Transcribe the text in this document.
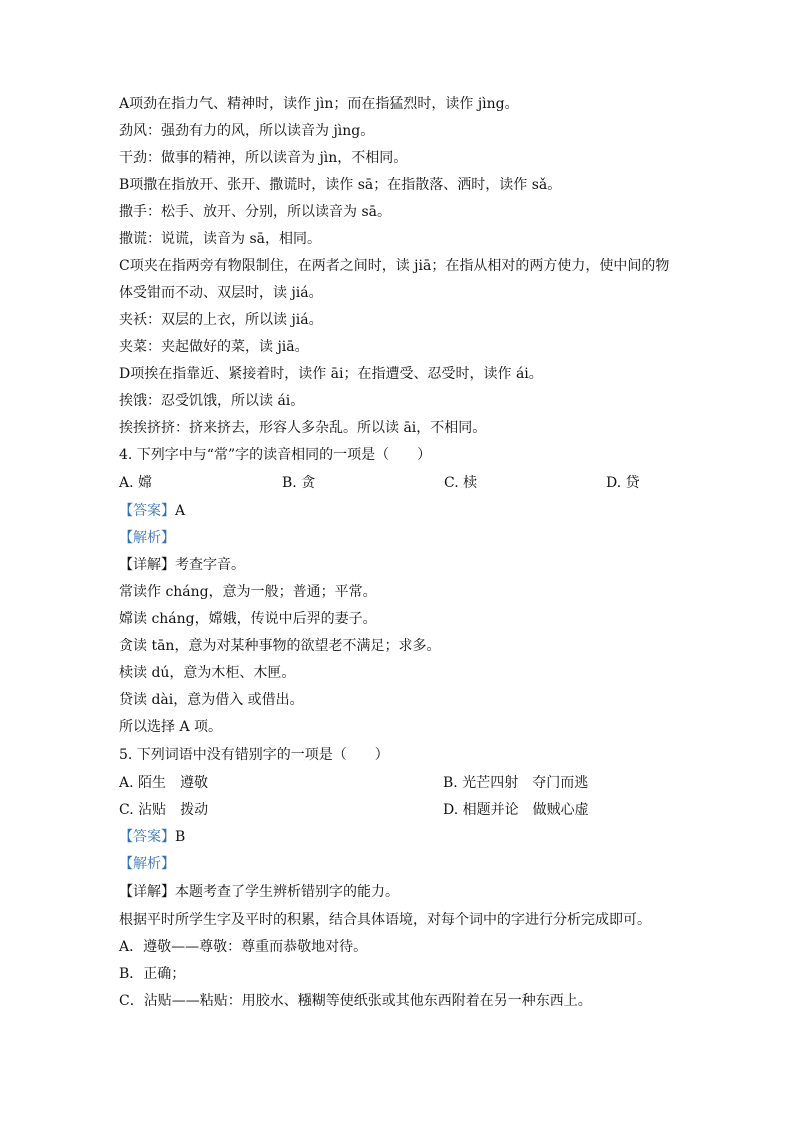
A项劲在指力气、精神时，读作 jìn；而在指猛烈时，读作 jìng。
劲风：强劲有力的风，所以读音为 jìng。
干劲：做事的精神，所以读音为 jìn，不相同。
B项撒在指放开、张开、撒谎时，读作 sā；在指散落、洒时，读作 sǎ。
撒手：松手、放开、分别，所以读音为 sā。
撒谎：说谎，读音为 sā，相同。
C项夹在指两旁有物限制住，在两者之间时，读 jiā；在指从相对的两方使力，使中间的物
体受钳而不动、双层时，读 jiá。
夹袄：双层的上衣，所以读 jiá。
夹菜：夹起做好的菜，读 jiā。
D项挨在指靠近、紧接着时，读作 āi；在指遭受、忍受时，读作 ái。
挨饿：忍受饥饿，所以读 ái。
挨挨挤挤：挤来挤去，形容人多杂乱。所以读 āi，不相同。
4. 下列字中与“常”字的读音相同的一项是（　　）
A. 嫦	B. 贪	C. 椟	D. 贷
【答案】A
【解析】
【详解】考查字音。
常读作 cháng，意为一般；普通；平常。
嫦读 cháng，嫦娥，传说中后羿的妻子。
贪读 tān，意为对某种事物的欲望老不满足；求多。
椟读 dú，意为木柜、木匣。
贷读 dài，意为借入 或借出。
所以选择 A 项。
5. 下列词语中没有错别字的一项是（　　）
A. 陌生　遵敬	B. 光芒四射　夺门而逃
C. 沾贴　拨动	D. 相题并论　做贼心虚
【答案】B
【解析】
【详解】本题考查了学生辨析错别字的能力。
根据平时所学生字及平时的积累，结合具体语境，对每个词中的字进行分析完成即可。
A．遵敬——尊敬：尊重而恭敬地对待。
B．正确；
C．沾贴——粘贴：用胶水、糨糊等使纸张或其他东西附着在另一种东西上。
